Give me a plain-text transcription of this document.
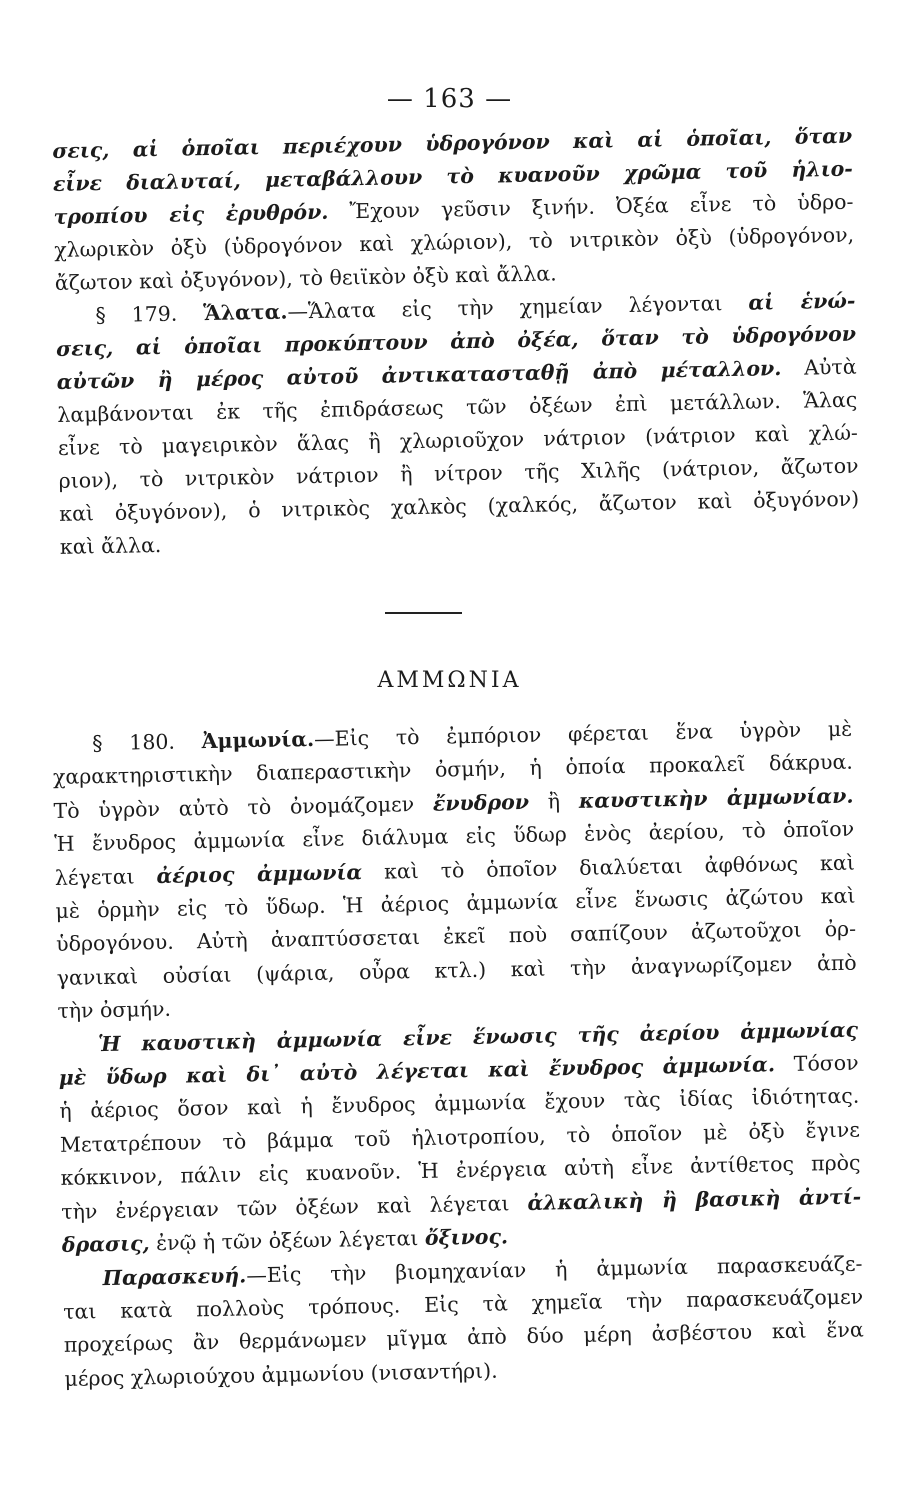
— 163 —
σεις, αἱ ὁποῖαι περιέχουν ὑδρογόνον καὶ αἱ ὁποῖαι, ὅταν
εἶνε διαλυταί, μεταβάλλουν τὸ κυανοῦν χρῶμα τοῦ ἡλιο-
τροπίου εἰς ἐρυθρόν. Ἔχουν γεῦσιν ξινήν. Ὀξέα εἶνε τὸ ὑδρο-
χλωρικὸν ὀξὺ (ὑδρογόνον καὶ χλώριον), τὸ νιτρικὸν ὀξὺ (ὑδρογόνον,
ἄζωτον καὶ ὀξυγόνον), τὸ θειϊκὸν ὀξὺ καὶ ἄλλα.
§ 179. Ἅλατα.—Ἅλατα εἰς τὴν χημείαν λέγονται αἱ ἑνώ-
σεις, αἱ ὁποῖαι προκύπτουν ἀπὸ ὀξέα, ὅταν τὸ ὑδρογόνον
αὐτῶν ἢ μέρος αὐτοῦ ἀντικατασταθῇ ἀπὸ μέταλλον. Αὐτὰ
λαμβάνονται ἐκ τῆς ἐπιδράσεως τῶν ὀξέων ἐπὶ μετάλλων. Ἅλας
εἶνε τὸ μαγειρικὸν ἅλας ἢ χλωριοῦχον νάτριον (νάτριον καὶ χλώ-
ριον), τὸ νιτρικὸν νάτριον ἢ νίτρον τῆς Χιλῆς (νάτριον, ἄζωτον
καὶ ὀξυγόνον), ὁ νιτρικὸς χαλκὸς (χαλκός, ἄζωτον καὶ ὀξυγόνον)
καὶ ἄλλα.
ΑΜΜΩΝΙΑ
§ 180. Ἀμμωνία.—Εἰς τὸ ἐμπόριον φέρεται ἕνα ὑγρὸν μὲ
χαρακτηριστικὴν διαπεραστικὴν ὀσμήν, ἡ ὁποία προκαλεῖ δάκρυα.
Τὸ ὑγρὸν αὐτὸ τὸ ὀνομάζομεν ἔνυδρον ἢ καυστικὴν ἀμμωνίαν.
Ἡ ἔνυδρος ἀμμωνία εἶνε διάλυμα εἰς ὕδωρ ἑνὸς ἀερίου, τὸ ὁποῖον
λέγεται ἀέριος ἀμμωνία καὶ τὸ ὁποῖον διαλύεται ἀφθόνως καὶ
μὲ ὁρμὴν εἰς τὸ ὕδωρ. Ἡ ἀέριος ἀμμωνία εἶνε ἕνωσις ἀζώτου καὶ
ὑδρογόνου. Αὐτὴ ἀναπτύσσεται ἐκεῖ ποὺ σαπίζουν ἀζωτοῦχοι ὀρ-
γανικαὶ οὐσίαι (ψάρια, οὖρα κτλ.) καὶ τὴν ἀναγνωρίζομεν ἀπὸ
τὴν ὀσμήν.
Ἡ καυστικὴ ἀμμωνία εἶνε ἕνωσις τῆς ἀερίου ἀμμωνίας
μὲ ὕδωρ καὶ δι᾽ αὐτὸ λέγεται καὶ ἔνυδρος ἀμμωνία. Τόσον
ἡ ἀέριος ὅσον καὶ ἡ ἔνυδρος ἀμμωνία ἔχουν τὰς ἰδίας ἰδιότητας.
Μετατρέπουν τὸ βάμμα τοῦ ἡλιοτροπίου, τὸ ὁποῖον μὲ ὀξὺ ἔγινε
κόκκινον, πάλιν εἰς κυανοῦν. Ἡ ἐνέργεια αὐτὴ εἶνε ἀντίθετος πρὸς
τὴν ἐνέργειαν τῶν ὀξέων καὶ λέγεται ἀλκαλικὴ ἢ βασικὴ ἀντί-
δρασις, ἐνῷ ἡ τῶν ὀξέων λέγεται ὄξινος.
Παρασκευή.—Εἰς τὴν βιομηχανίαν ἡ ἀμμωνία παρασκευάζε-
ται κατὰ πολλοὺς τρόπους. Εἰς τὰ χημεῖα τὴν παρασκευάζομεν
προχείρως ἂν θερμάνωμεν μῖγμα ἀπὸ δύο μέρη ἀσβέστου καὶ ἕνα
μέρος χλωριούχου ἀμμωνίου (νισαντήρι).
